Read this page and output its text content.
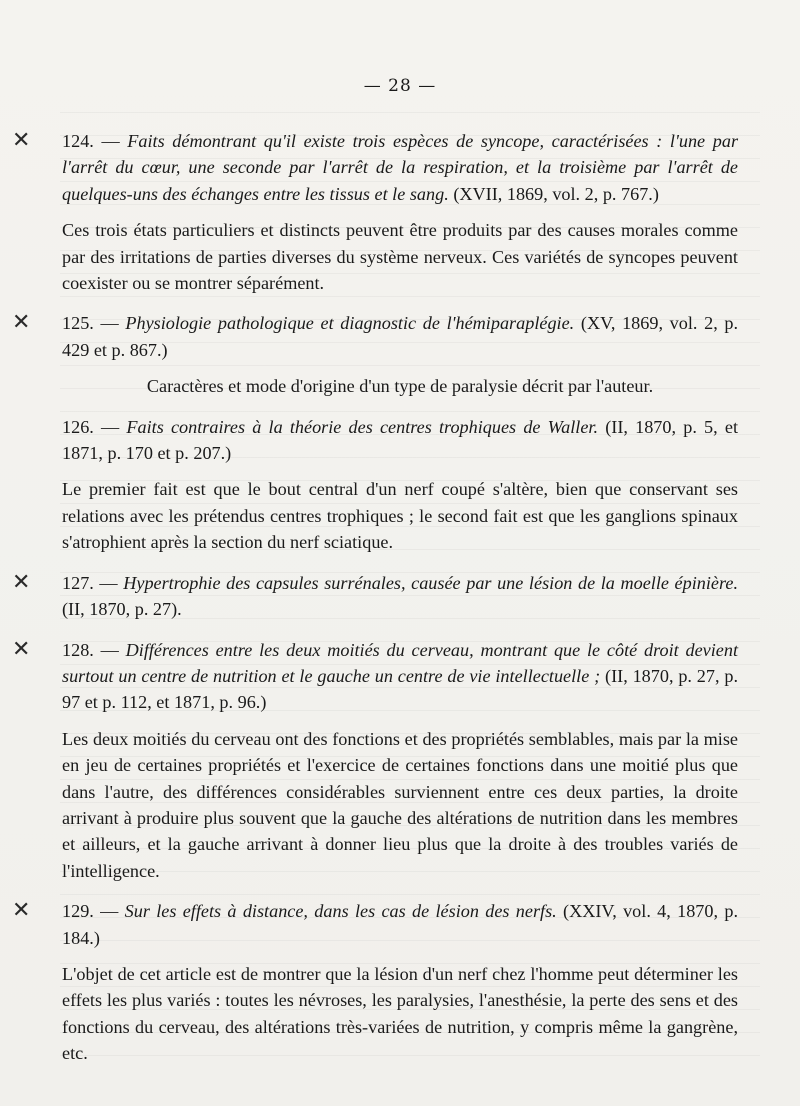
— 28 —
✕ 124. — Faits démontrant qu'il existe trois espèces de syncope, caractérisées : l'une par l'arrêt du cœur, une seconde par l'arrêt de la respiration, et la troisième par l'arrêt de quelques-uns des échanges entre les tissus et le sang. (XVII, 1869, vol. 2, p. 767.)
Ces trois états particuliers et distincts peuvent être produits par des causes morales comme par des irritations de parties diverses du système nerveux. Ces variétés de syncopes peuvent coexister ou se montrer séparément.
✕ 125. — Physiologie pathologique et diagnostic de l'hémiparaplégie. (XV, 1869, vol. 2, p. 429 et p. 867.)
Caractères et mode d'origine d'un type de paralysie décrit par l'auteur.
126. — Faits contraires à la théorie des centres trophiques de Waller. (II, 1870, p. 5, et 1871, p. 170 et p. 207.)
Le premier fait est que le bout central d'un nerf coupé s'altère, bien que conservant ses relations avec les prétendus centres trophiques ; le second fait est que les ganglions spinaux s'atrophient après la section du nerf sciatique.
✕ 127. — Hypertrophie des capsules surrénales, causée par une lésion de la moelle épinière. (II, 1870, p. 27).
✕ 128. — Différences entre les deux moitiés du cerveau, montrant que le côté droit devient surtout un centre de nutrition et le gauche un centre de vie intellectuelle ; (II, 1870, p. 27, p. 97 et p. 112, et 1871, p. 96.)
Les deux moitiés du cerveau ont des fonctions et des propriétés semblables, mais par la mise en jeu de certaines propriétés et l'exercice de certaines fonctions dans une moitié plus que dans l'autre, des différences considérables surviennent entre ces deux parties, la droite arrivant à produire plus souvent que la gauche des altérations de nutrition dans les membres et ailleurs, et la gauche arrivant à donner lieu plus que la droite à des troubles variés de l'intelligence.
✕ 129. — Sur les effets à distance, dans les cas de lésion des nerfs. (XXIV, vol. 4, 1870, p. 184.)
L'objet de cet article est de montrer que la lésion d'un nerf chez l'homme peut déterminer les effets les plus variés : toutes les névroses, les paralysies, l'anesthésie, la perte des sens et des fonctions du cerveau, des altérations très-variées de nutrition, y compris même la gangrène, etc.
